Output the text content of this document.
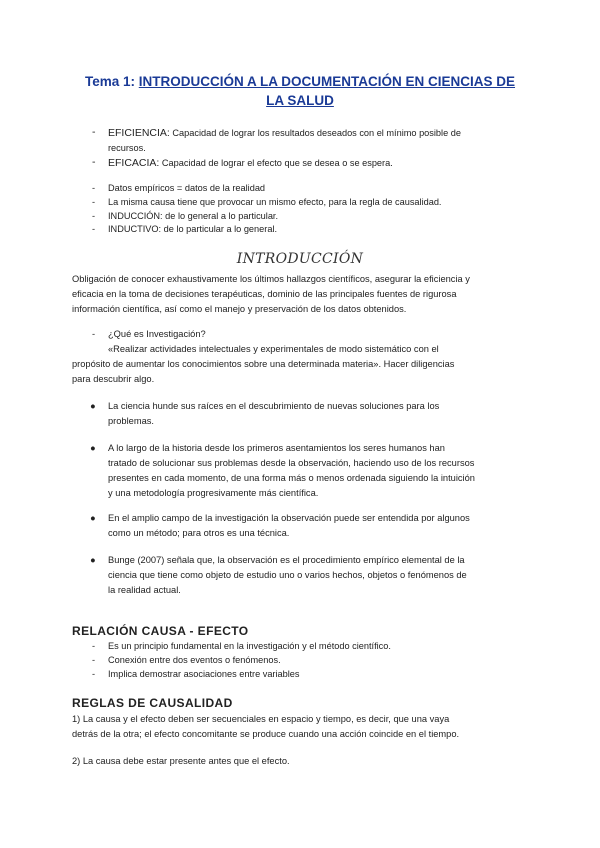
Tema 1: INTRODUCCIÓN A LA DOCUMENTACIÓN EN CIENCIAS DE
LA SALUD
- EFICIENCIA: Capacidad de lograr los resultados deseados con el mínimo posible de
recursos.
- EFICACIA: Capacidad de lograr el efecto que se desea o se espera.
- Datos empíricos = datos de la realidad
- La misma causa tiene que provocar un mismo efecto, para la regla de causalidad.
- INDUCCIÓN: de lo general a lo particular.
- INDUCTIVO: de lo particular a lo general.
INTRODUCCIÓN
Obligación de conocer exhaustivamente los últimos hallazgos científicos, asegurar la eficiencia y
eficacia en la toma de decisiones terapéuticas, dominio de las principales fuentes de rigurosa
información científica, así como el manejo y preservación de los datos obtenidos.
- ¿Qué es Investigación?
«Realizar actividades intelectuales y experimentales de modo sistemático con el
propósito de aumentar los conocimientos sobre una determinada materia». Hacer diligencias
para descubrir algo.
● La ciencia hunde sus raíces en el descubrimiento de nuevas soluciones para los
problemas.
● A lo largo de la historia desde los primeros asentamientos los seres humanos han
tratado de solucionar sus problemas desde la observación, haciendo uso de los recursos
presentes en cada momento, de una forma más o menos ordenada siguiendo la intuición
y una metodología progresivamente más científica.
● En el amplio campo de la investigación la observación puede ser entendida por algunos
como un método; para otros es una técnica.
● Bunge (2007) señala que, la observación es el procedimiento empírico elemental de la
ciencia que tiene como objeto de estudio uno o varios hechos, objetos o fenómenos de
la realidad actual.
RELACIÓN CAUSA - EFECTO
- Es un principio fundamental en la investigación y el método científico.
- Conexión entre dos eventos o fenómenos.
- Implica demostrar asociaciones entre variables
REGLAS DE CAUSALIDAD
1) La causa y el efecto deben ser secuenciales en espacio y tiempo, es decir, que una vaya
detrás de la otra; el efecto concomitante se produce cuando una acción coincide en el tiempo.
2) La causa debe estar presente antes que el efecto.
